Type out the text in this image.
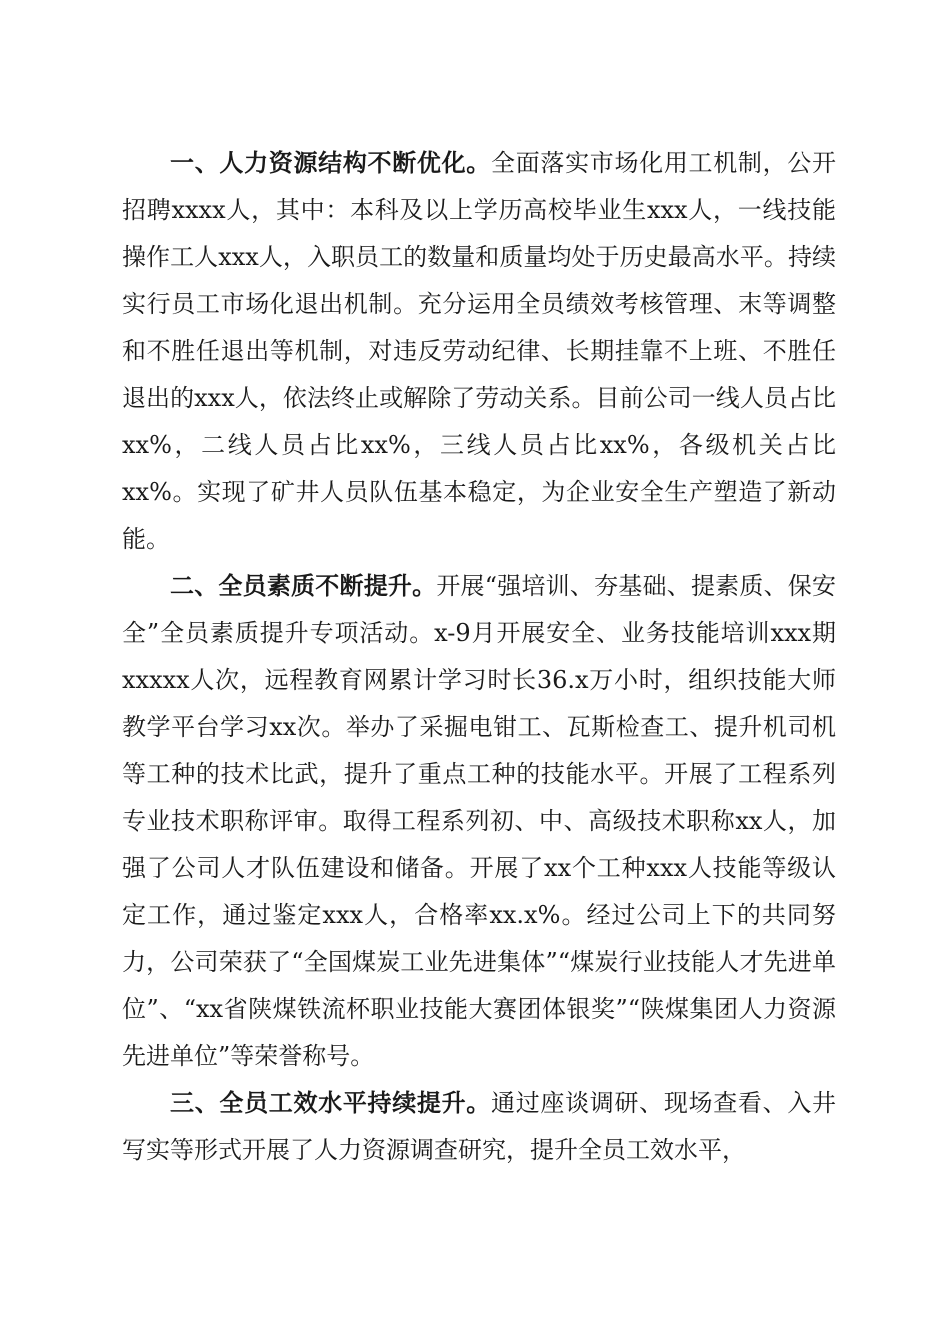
一、人力资源结构不断优化。全面落实市场化用工机制，公开招聘xxxx人，其中：本科及以上学历高校毕业生xxx人，一线技能操作工人xxx人，入职员工的数量和质量均处于历史最高水平。持续实行员工市场化退出机制。充分运用全员绩效考核管理、末等调整和不胜任退出等机制，对违反劳动纪律、长期挂靠不上班、不胜任退出的xxx人，依法终止或解除了劳动关系。目前公司一线人员占比xx%，二线人员占比xx%，三线人员占比xx%，各级机关占比xx%。实现了矿井人员队伍基本稳定，为企业安全生产塑造了新动能。

二、全员素质不断提升。开展“强培训、夯基础、提素质、保安全”全员素质提升专项活动。x-9月开展安全、业务技能培训xxx期xxxxx人次，远程教育网累计学习时长36.x万小时，组织技能大师教学平台学习xx次。举办了采掘电钳工、瓦斯检查工、提升机司机等工种的技术比武，提升了重点工种的技能水平。开展了工程系列专业技术职称评审。取得工程系列初、中、高级技术职称xx人，加强了公司人才队伍建设和储备。开展了xx个工种xxx人技能等级认定工作，通过鉴定xxx人，合格率xx.x%。经过公司上下的共同努力，公司荣获了“全国煤炭工业先进集体”“煤炭行业技能人才先进单位”、“xx省陕煤铁流杯职业技能大赛团体银奖”“陕煤集团人力资源先进单位”等荣誉称号。

三、全员工效水平持续提升。通过座谈调研、现场查看、入井写实等形式开展了人力资源调查研究，提升全员工效水平，
